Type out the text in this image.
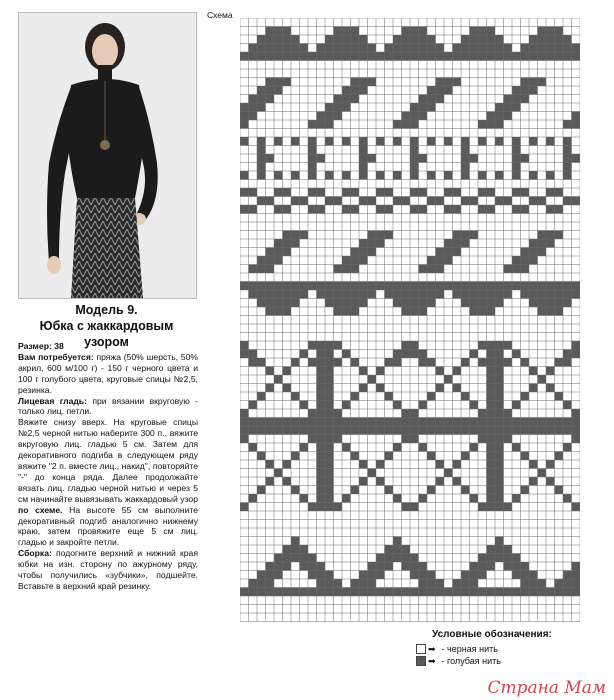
Модель 9.
Юбка с жаккардовым узором

Размер: 38

Вам потребуется: пряжа (50% шерсть, 50% акрил, 600 м/100 г) - 150 г черного цвета и 100 г голубого цвета, круговые спицы №2,5, резинка.

Лицевая гладь: при вязании вкруговую - только лиц. петли.

Вяжите снизу вверх. На круговые спицы №2,5 черной нитью наберите 300 п., вяжите вкруговую лиц. гладью 5 см. Затем для декоративного подгиба в следующем ряду вяжите "2 п. вместе лиц., накид", повторяйте "-" до конца ряда. Далее продолжайте вязать лиц. гладью черной нитью и через 5 см начинайте вывязывать жаккардовый узор по схеме. На высоте 55 см выполните декоративный подгиб аналогично нижнему краю, затем провяжите еще 5 см лиц. гладью и закройте петли.

Сборка: подогните верхний и нижний края юбки на изн. сторону по ажурному ряду, чтобы получились «зубчики», подшейте. Вставьте в верхний край резинку.

Схема
Условные обозначения:
➡ - черная нить
➡ - голубая нить
Страна Мам
